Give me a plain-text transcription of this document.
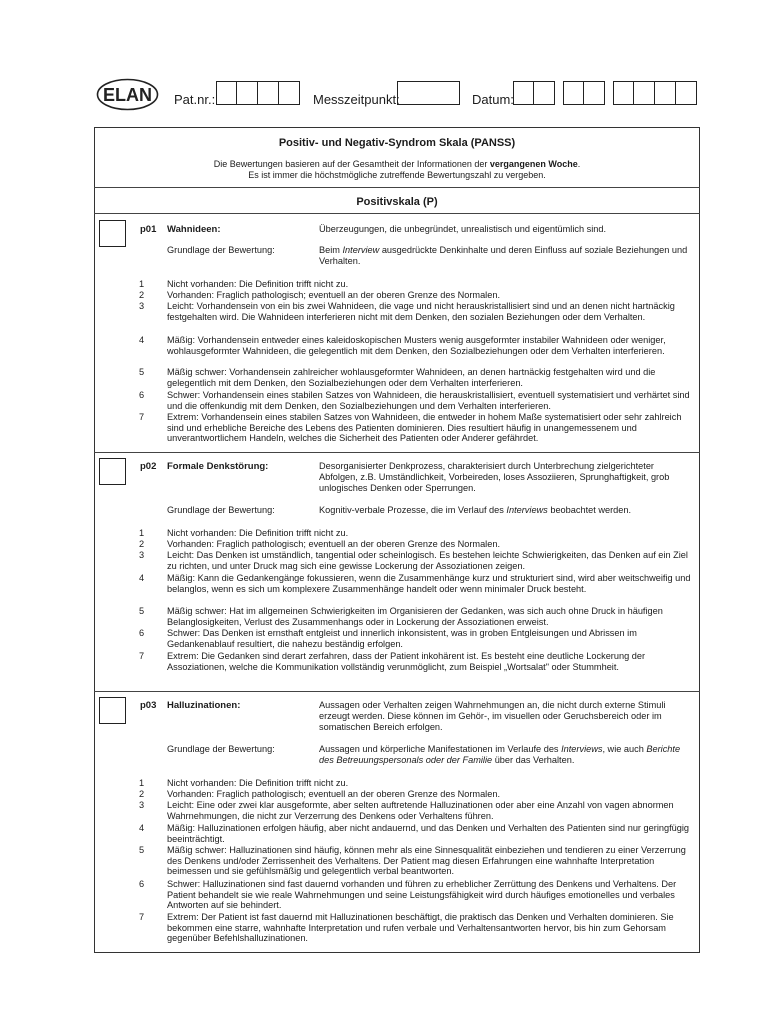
ELAN Pat.nr.:	Messzeitpunkt:	Datum:
Positiv- und Negativ-Syndrom Skala (PANSS)
Die Bewertungen basieren auf der Gesamtheit der Informationen der vergangenen Woche.
Es ist immer die höchstmögliche zutreffende Bewertungszahl zu vergeben.
Positivskala (P)
p01 Wahnideen:	Überzeugungen, die unbegründet, unrealistisch und eigentümlich sind.
Grundlage der Bewertung:	Beim Interview ausgedrückte Denkinhalte und deren Einfluss auf soziale Beziehungen und Verhalten.
1 Nicht vorhanden: Die Definition trifft nicht zu.
2 Vorhanden: Fraglich pathologisch; eventuell an der oberen Grenze des Normalen.
3 Leicht: Vorhandensein von ein bis zwei Wahnideen, die vage und nicht herauskristallisiert sind und an denen nicht hartnäckig festgehalten wird. Die Wahnideen interferieren nicht mit dem Denken, den sozialen Beziehungen oder dem Verhalten.
4 Mäßig: Vorhandensein entweder eines kaleidoskopischen Musters wenig ausgeformter instabiler Wahnideen oder weniger, wohlausgeformter Wahnideen, die gelegentlich mit dem Denken, den Sozialbeziehungen oder dem Verhalten interferieren.
5 Mäßig schwer: Vorhandensein zahlreicher wohlausgeformter Wahnideen, an denen hartnäckig festgehalten wird und die gelegentlich mit dem Denken, den Sozialbeziehungen oder dem Verhalten interferieren.
6 Schwer: Vorhandensein eines stabilen Satzes von Wahnideen, die herauskristallisiert, eventuell systematisiert und verhärtet sind und die offenkundig mit dem Denken, den Sozialbeziehungen und dem Verhalten interferieren.
7 Extrem: Vorhandensein eines stabilen Satzes von Wahnideen, die entweder in hohem Maße systematisiert oder sehr zahlreich sind und erhebliche Bereiche des Lebens des Patienten dominieren. Dies resultiert häufig in unangemessenem und unverantwortlichem Handeln, welches die Sicherheit des Patienten oder Anderer gefährdet.
p02 Formale Denkstörung:	Desorganisierter Denkprozess, charakterisiert durch Unterbrechung zielgerichteter Abfolgen, z.B. Umständlichkeit, Vorbeireden, loses Assoziieren, Sprunghaftigkeit, grob unlogisches Denken oder Sperrungen.
Grundlage der Bewertung:	Kognitiv-verbale Prozesse, die im Verlauf des Interviews beobachtet werden.
1 Nicht vorhanden: Die Definition trifft nicht zu.
2 Vorhanden: Fraglich pathologisch; eventuell an der oberen Grenze des Normalen.
3 Leicht: Das Denken ist umständlich, tangential oder scheinlogisch. Es bestehen leichte Schwierigkeiten, das Denken auf ein Ziel zu richten, und unter Druck mag sich eine gewisse Lockerung der Assoziationen zeigen.
4 Mäßig: Kann die Gedankengänge fokussieren, wenn die Zusammenhänge kurz und strukturiert sind, wird aber weitschweifig und belanglos, wenn es sich um komplexere Zusammenhänge handelt oder wenn minimaler Druck besteht.
5 Mäßig schwer: Hat im allgemeinen Schwierigkeiten im Organisieren der Gedanken, was sich auch ohne Druck in häufigen Belanglosigkeiten, Verlust des Zusammenhangs oder in Lockerung der Assoziationen erweist.
6 Schwer: Das Denken ist ernsthaft entgleist und innerlich inkonsistent, was in groben Entgleisungen und Abrissen im Gedankenablauf resultiert, die nahezu beständig erfolgen.
7 Extrem: Die Gedanken sind derart zerfahren, dass der Patient inkohärent ist. Es besteht eine deutliche Lockerung der Assoziationen, welche die Kommunikation vollständig verunmöglicht, zum Beispiel „Wortsalat" oder Stummheit.
p03 Halluzinationen:	Aussagen oder Verhalten zeigen Wahrnehmungen an, die nicht durch externe Stimuli erzeugt werden. Diese können im Gehör-, im visuellen oder Geruchsbereich oder im somatischen Bereich erfolgen.
Grundlage der Bewertung:	Aussagen und körperliche Manifestationen im Verlaufe des Interviews, wie auch Berichte des Betreuungspersonals oder der Familie über das Verhalten.
1 Nicht vorhanden: Die Definition trifft nicht zu.
2 Vorhanden: Fraglich pathologisch; eventuell an der oberen Grenze des Normalen.
3 Leicht: Eine oder zwei klar ausgeformte, aber selten auftretende Halluzinationen oder aber eine Anzahl von vagen abnormen Wahrnehmungen, die nicht zur Verzerrung des Denkens oder Verhaltens führen.
4 Mäßig: Halluzinationen erfolgen häufig, aber nicht andauernd, und das Denken und Verhalten des Patienten sind nur geringfügig beeinträchtigt.
5 Mäßig schwer: Halluzinationen sind häufig, können mehr als eine Sinnesqualität einbeziehen und tendieren zu einer Verzerrung des Denkens und/oder Zerrissenheit des Verhaltens. Der Patient mag diesen Erfahrungen eine wahnhafte Interpretation beimessen und sie gefühlsmäßig und gelegentlich verbal beantworten.
6 Schwer: Halluzinationen sind fast dauernd vorhanden und führen zu erheblicher Zerrüttung des Denkens und Verhaltens. Der Patient behandelt sie wie reale Wahrnehmungen und seine Leistungsfähigkeit wird durch häufiges emotionelles und verbales Antworten auf sie behindert.
7 Extrem: Der Patient ist fast dauernd mit Halluzinationen beschäftigt, die praktisch das Denken und Verhalten dominieren. Sie bekommen eine starre, wahnhafte Interpretation und rufen verbale und Verhaltensantworten hervor, bis hin zum Gehorsam gegenüber Befehlshalluzinationen.
